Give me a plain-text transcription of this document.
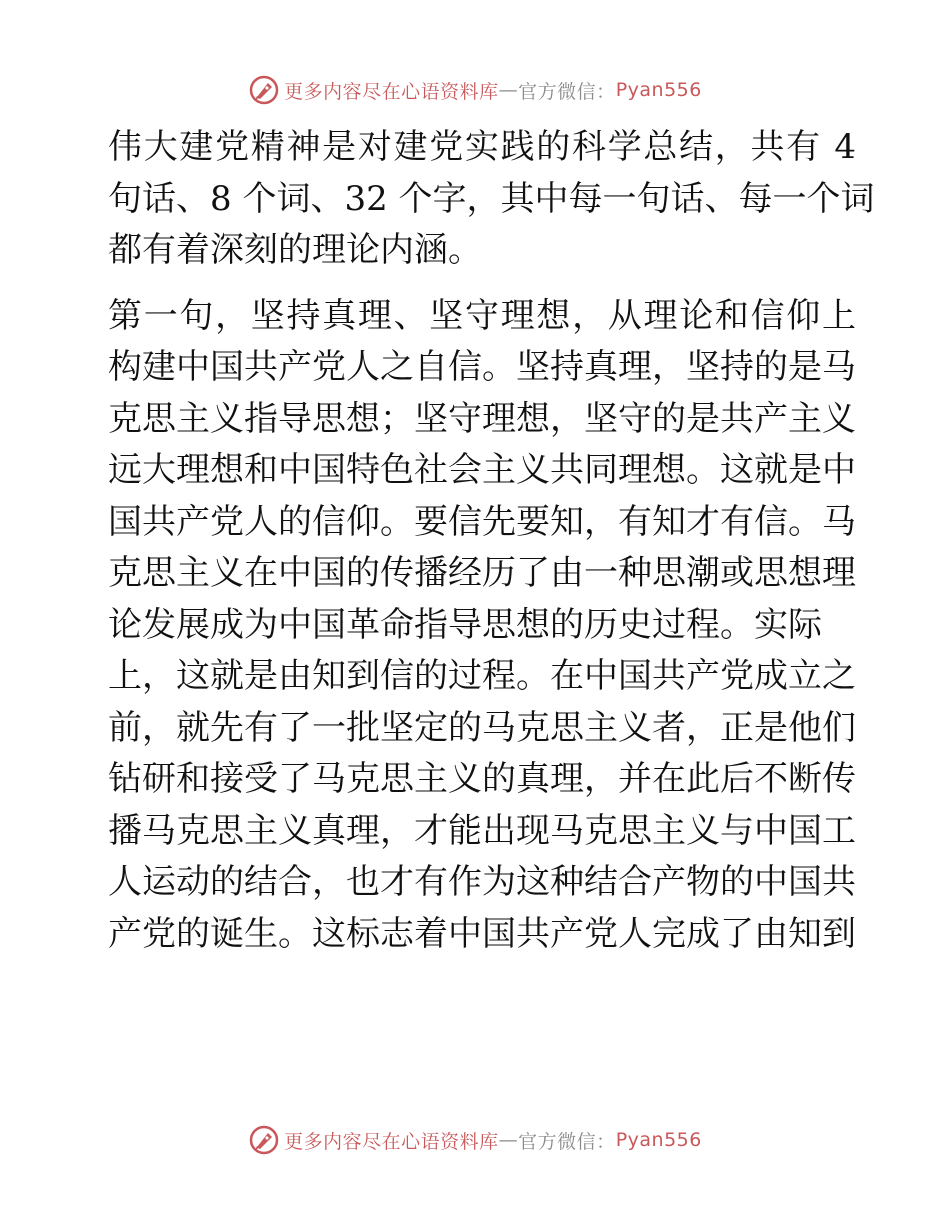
更多内容尽在心语资料库 — 官方微信： Pyan556

伟大建党精神是对建党实践的科学总结，共有 4
句话、8 个词、32 个字，其中每一句话、每一个词
都有着深刻的理论内涵。

第一句，坚持真理、坚守理想，从理论和信仰上
构建中国共产党人之自信。坚持真理，坚持的是马
克思主义指导思想；坚守理想，坚守的是共产主义
远大理想和中国特色社会主义共同理想。这就是中
国共产党人的信仰。要信先要知，有知才有信。马
克思主义在中国的传播经历了由一种思潮或思想理
论发展成为中国革命指导思想的历史过程。实际
上，这就是由知到信的过程。在中国共产党成立之
前，就先有了一批坚定的马克思主义者，正是他们
钻研和接受了马克思主义的真理，并在此后不断传
播马克思主义真理，才能出现马克思主义与中国工
人运动的结合，也才有作为这种结合产物的中国共
产党的诞生。这标志着中国共产党人完成了由知到

更多内容尽在心语资料库 — 官方微信： Pyan556
